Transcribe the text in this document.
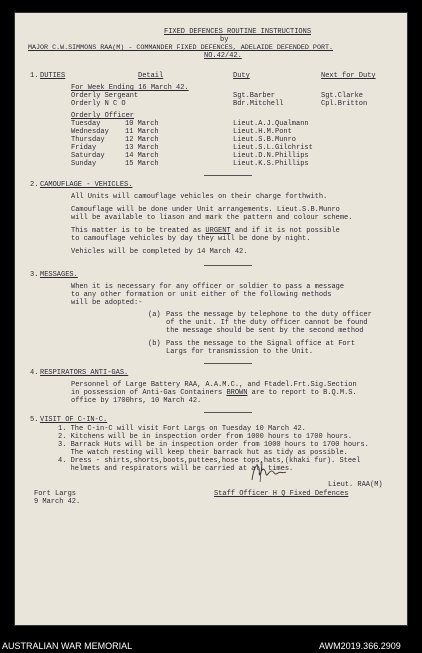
FIXED DEFENCES ROUTINE INSTRUCTIONS
by
MAJOR C.W.SIMMONS RAA(M) - COMMANDER FIXED DEFENCES, ADELAIDE DEFENDED PORT.
NO.42/42.
1. DUTIES	Detail	Duty	Next for Duty
For Week Ending 16 March 42.
Orderly Sergeant	Sgt.Barber	Sgt.Clarke
Orderly N C O	Bdr.Mitchell	Cpl.Britton
Orderly Officer
Tuesday	10 March	Lieut.A.J.Qualmann
Wednesday 11 March	Lieut.H.M.Pont
Thursday	12 March	Lieut.S.B.Munro
Friday	13 March	Lieut.S.L.Gilchrist
Saturday	14 March	Lieut.D.N.Phillips
Sunday	15 March	Lieut.K.S.Phillips
2. CAMOUFLAGE - VEHICLES.
All Units will camouflage vehicles on their charge forthwith.
Camouflage will be done under Unit arrangements. Lieut.S.B.Munro
will be available to liason and mark the pattern and colour scheme.
This matter is to be treated as URGENT and if it is not possible
to camouflage vehicles by day they will be done by night.
Vehicles will be completed by 14 March 42.
3. MESSAGES.
When it is necessary for any officer or soldier to pass a message
to any other formation or unit either of the following methods
will be adopted:-
(a) Pass the message by telephone to the duty officer
of the unit. If the duty officer cannot be found
the message should be sent by the second method
(b) Pass the message to the Signal office at Fort
Largs for transmission to the Unit.
4. RESPIRATORS ANTI-GAS.
Personnel of Large Battery RAA, A.A.M.C., and Ftadel.Frt.Sig.Section
in possession of Anti-Gas Containers BROWN are to report to B.Q.M.S.
office by 1700hrs, 10 March 42.
5. VISIT OF C-IN-C.
1. The C-in-C will visit Fort Largs on Tuesday 10 March 42.
2. Kitchens will be in inspection order from 1000 hours to 1700 hours.
3. Barrack Huts will be in inspection order from 1000 hours to 1700 hours.
The watch resting will keep their barrack hut as tidy as possible.
4. Dress - shirts,shorts,boots,puttees,hose tops,hats,(khaki fur). Steel
helmets and respirators will be carried at all times.
Lieut. RAA(M)
Fort Largs	Staff Officer H Q Fixed Defences
9 March 42.
AUSTRALIAN WAR MEMORIAL	AWM2019.366.2909
